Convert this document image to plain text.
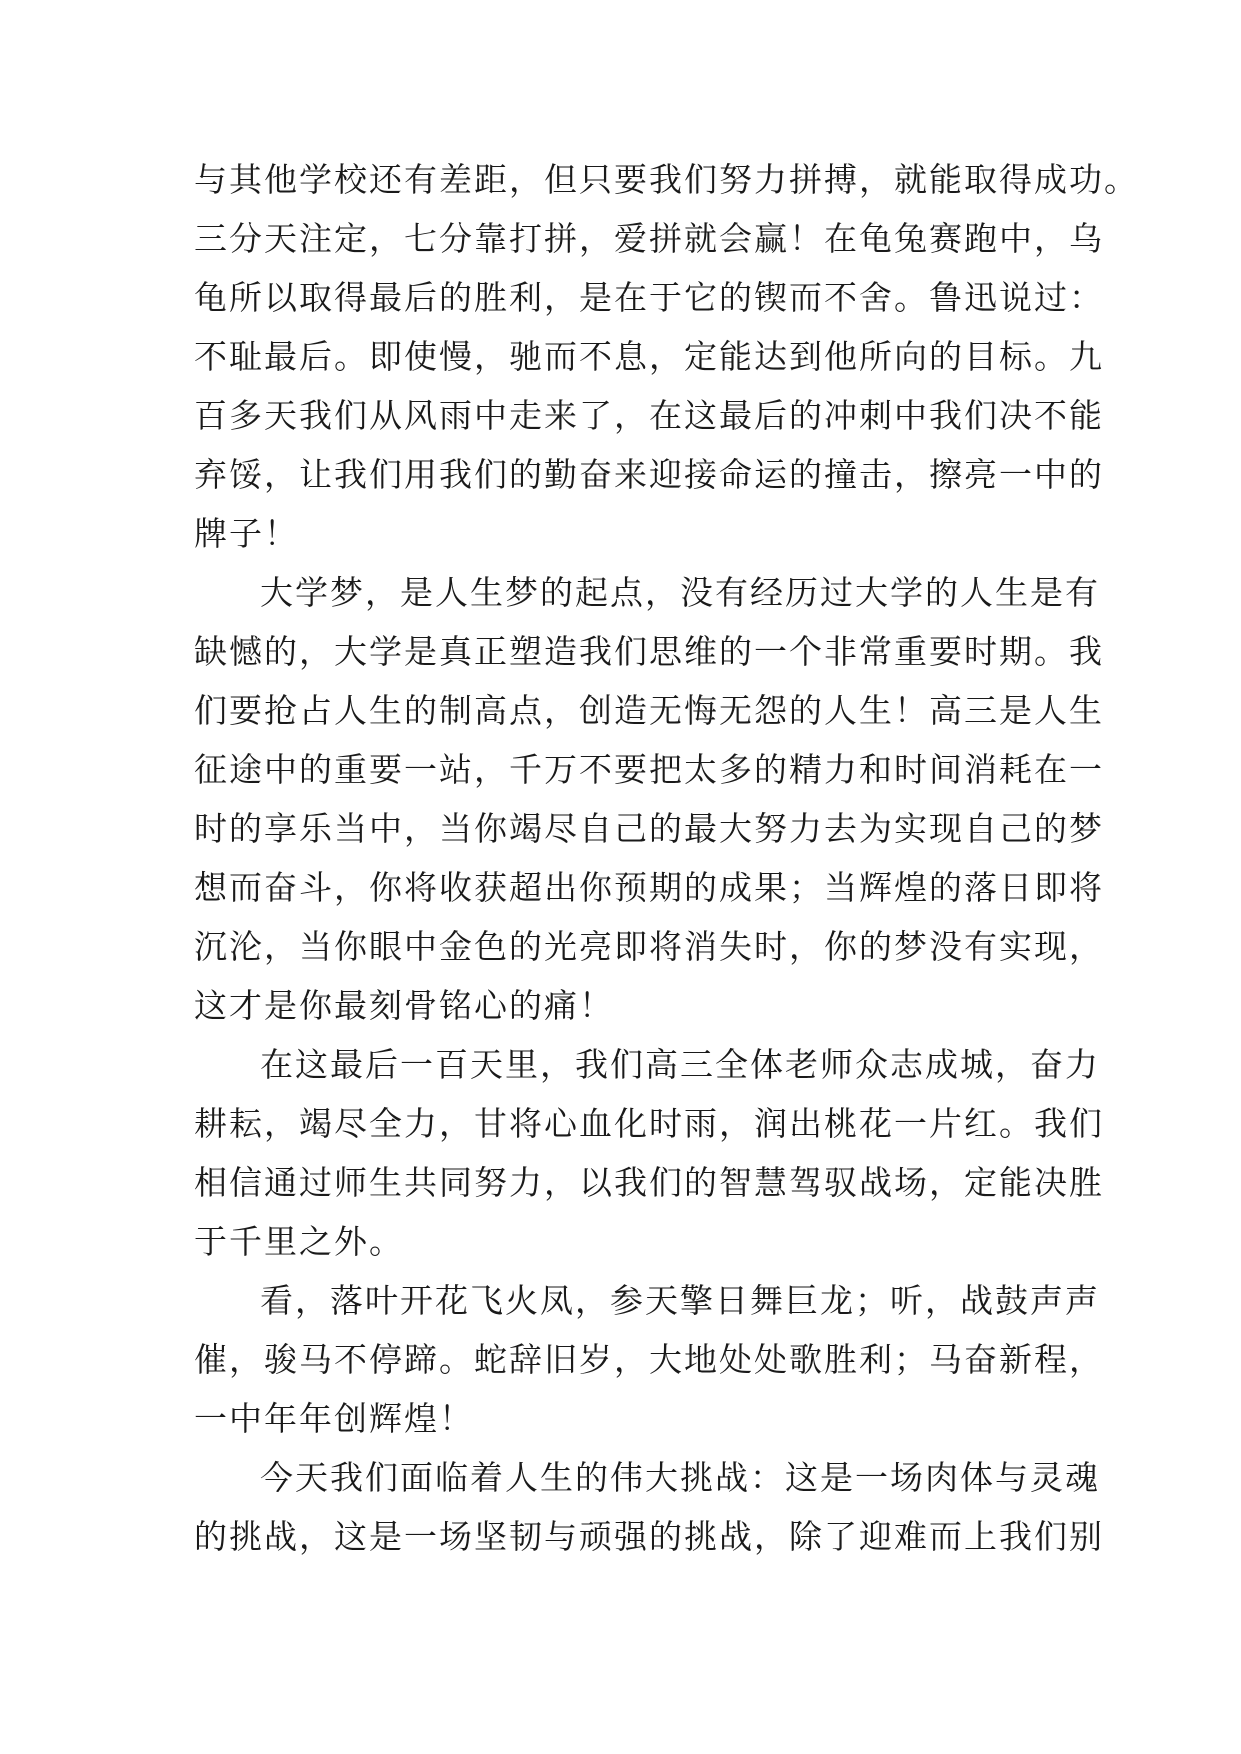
与其他学校还有差距，但只要我们努力拼搏，就能取得成功。
三分天注定，七分靠打拼，爱拼就会赢！在龟兔赛跑中，乌
龟所以取得最后的胜利，是在于它的锲而不舍。鲁迅说过：
不耻最后。即使慢，驰而不息，定能达到他所向的目标。九
百多天我们从风雨中走来了，在这最后的冲刺中我们决不能
弃馁，让我们用我们的勤奋来迎接命运的撞击，擦亮一中的
牌子！
大学梦，是人生梦的起点，没有经历过大学的人生是有
缺憾的，大学是真正塑造我们思维的一个非常重要时期。我
们要抢占人生的制高点，创造无悔无怨的人生！高三是人生
征途中的重要一站，千万不要把太多的精力和时间消耗在一
时的享乐当中，当你竭尽自己的最大努力去为实现自己的梦
想而奋斗，你将收获超出你预期的成果；当辉煌的落日即将
沉沦，当你眼中金色的光亮即将消失时，你的梦没有实现，
这才是你最刻骨铭心的痛！
在这最后一百天里，我们高三全体老师众志成城，奋力
耕耘，竭尽全力，甘将心血化时雨，润出桃花一片红。我们
相信通过师生共同努力，以我们的智慧驾驭战场，定能决胜
于千里之外。
看，落叶开花飞火凤，参天擎日舞巨龙；听，战鼓声声
催，骏马不停蹄。蛇辞旧岁，大地处处歌胜利；马奋新程，
一中年年创辉煌！
今天我们面临着人生的伟大挑战：这是一场肉体与灵魂
的挑战，这是一场坚韧与顽强的挑战，除了迎难而上我们别
